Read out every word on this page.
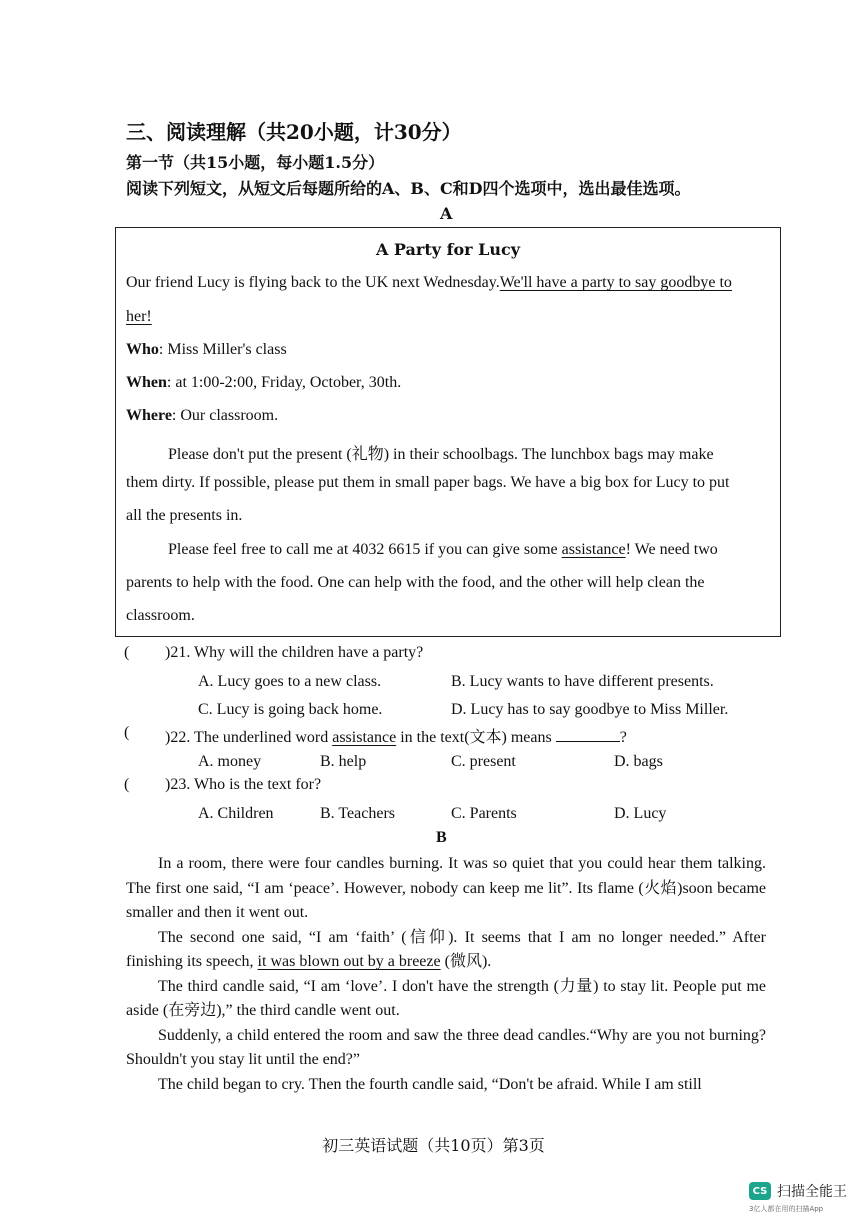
三、阅读理解（共20小题，计30分）
第一节（共15小题，每小题1.5分）
阅读下列短文，从短文后每题所给的A、B、C和D四个选项中，选出最佳选项。
A
A Party for Lucy
Our friend Lucy is flying back to the UK next Wednesday.We'll have a party to say goodbye to
her!
Who: Miss Miller's class
When: at 1:00-2:00, Friday, October, 30th.
Where: Our classroom.
Please don't put the present (礼物) in their schoolbags. The lunchbox bags may make
them dirty. If possible, please put them in small paper bags. We have a big box for Lucy to put
all the presents in.
Please feel free to call me at 4032 6615 if you can give some assistance! We need two
parents to help with the food. One can help with the food, and the other will help clean the
classroom.
( )21. Why will the children have a party?
A. Lucy goes to a new class.	B. Lucy wants to have different presents.
C. Lucy is going back home.	D. Lucy has to say goodbye to Miss Miller.
( )22. The underlined word assistance in the text(文本) means	?
A. money	B. help	C. present	D. bags
( )23. Who is the text for?
A. Children	B. Teachers	C. Parents	D. Lucy
B

In a room, there were four candles burning. It was so quiet that you could hear them talking. The first one said, “I am ‘peace’. However, nobody can keep me lit”. Its flame (火焰)soon became smaller and then it went out.

The second one said, “I am ‘faith’ (信仰). It seems that I am no longer needed.” After finishing its speech, it was blown out by a breeze (微风).

The third candle said, “I am ‘love’. I don't have the strength (力量) to stay lit. People put me aside (在旁边),” the third candle went out.

Suddenly, a child entered the room and saw the three dead candles.“Why are you not burning? Shouldn't you stay lit until the end?”

The child began to cry. Then the fourth candle said, “Don't be afraid. While I am still

初三英语试题（共10页）第3页
CS 扫描全能王
3亿人都在用的扫描App
